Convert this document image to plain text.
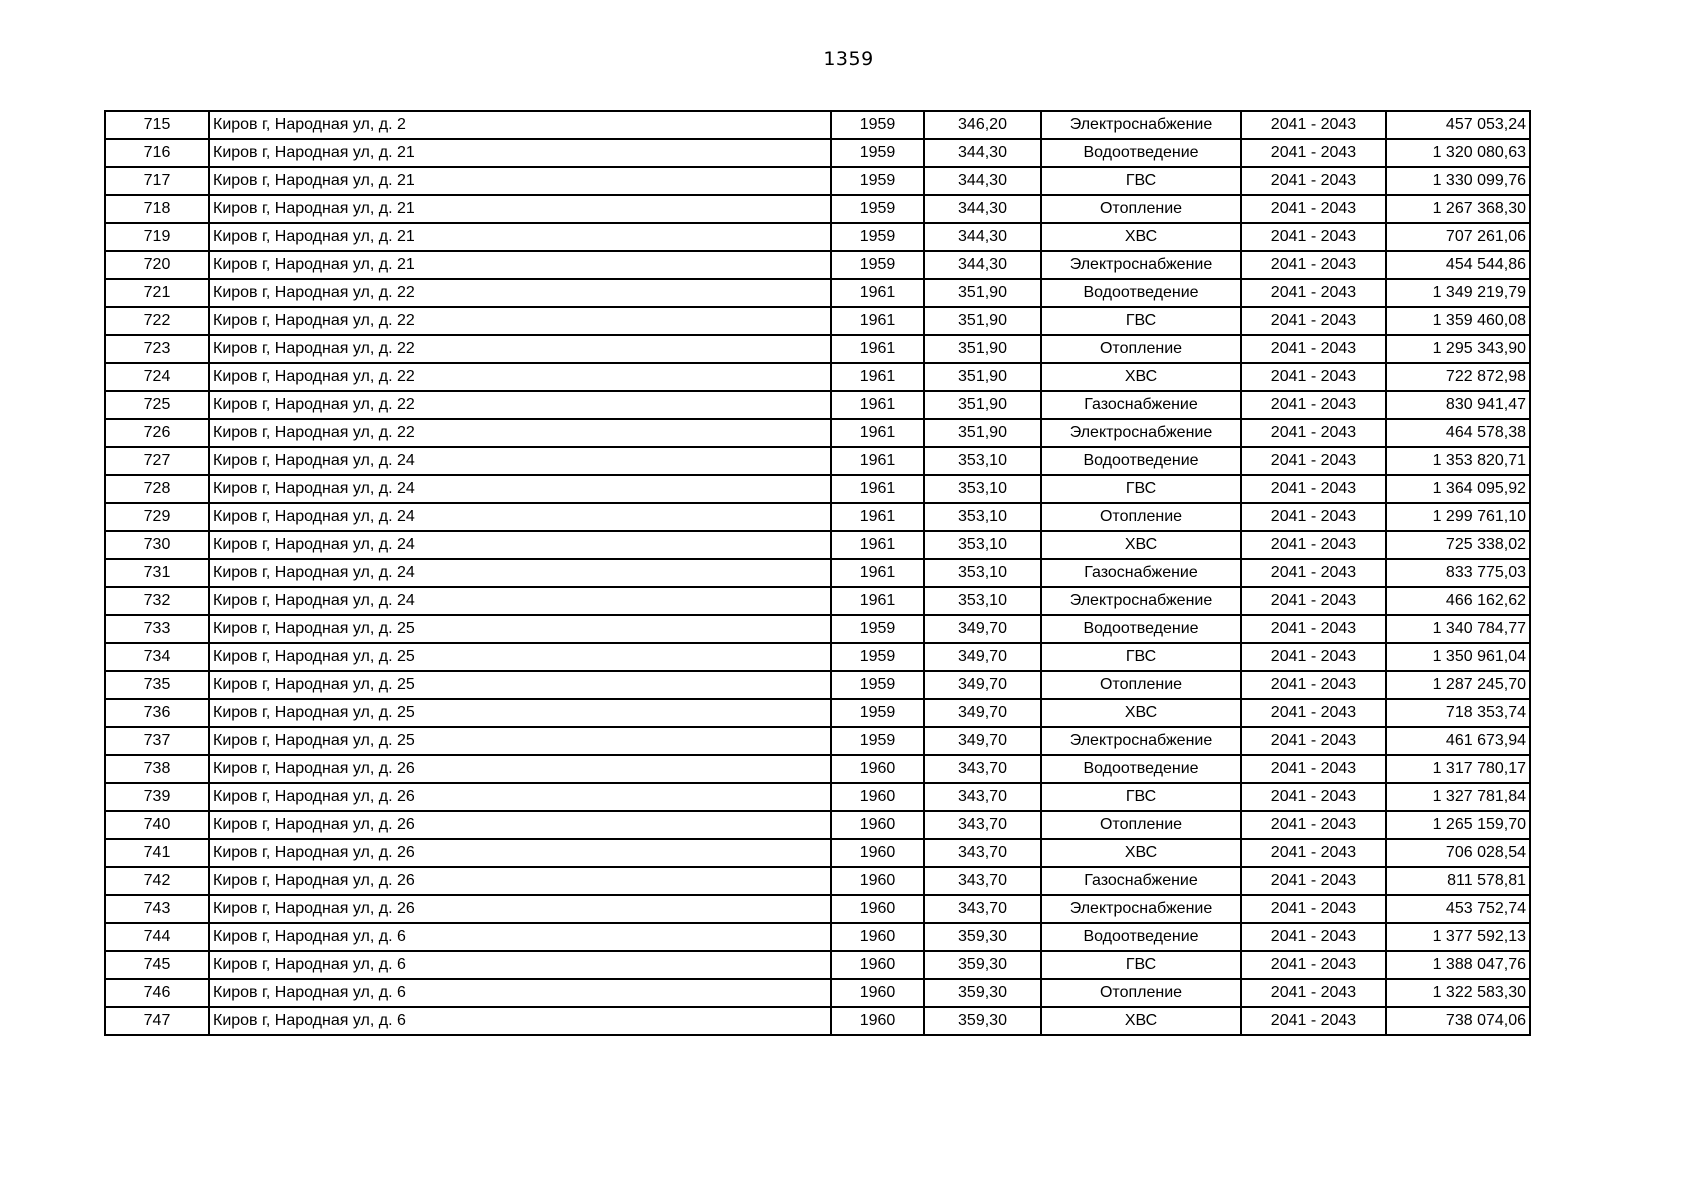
1359
715	Киров г, Народная ул, д. 2	1959	346,20	Электроснабжение	2041 - 2043	457 053,24
716	Киров г, Народная ул, д. 21	1959	344,30	Водоотведение	2041 - 2043	1 320 080,63
717	Киров г, Народная ул, д. 21	1959	344,30	ГВС	2041 - 2043	1 330 099,76
718	Киров г, Народная ул, д. 21	1959	344,30	Отопление	2041 - 2043	1 267 368,30
719	Киров г, Народная ул, д. 21	1959	344,30	ХВС	2041 - 2043	707 261,06
720	Киров г, Народная ул, д. 21	1959	344,30	Электроснабжение	2041 - 2043	454 544,86
721	Киров г, Народная ул, д. 22	1961	351,90	Водоотведение	2041 - 2043	1 349 219,79
722	Киров г, Народная ул, д. 22	1961	351,90	ГВС	2041 - 2043	1 359 460,08
723	Киров г, Народная ул, д. 22	1961	351,90	Отопление	2041 - 2043	1 295 343,90
724	Киров г, Народная ул, д. 22	1961	351,90	ХВС	2041 - 2043	722 872,98
725	Киров г, Народная ул, д. 22	1961	351,90	Газоснабжение	2041 - 2043	830 941,47
726	Киров г, Народная ул, д. 22	1961	351,90	Электроснабжение	2041 - 2043	464 578,38
727	Киров г, Народная ул, д. 24	1961	353,10	Водоотведение	2041 - 2043	1 353 820,71
728	Киров г, Народная ул, д. 24	1961	353,10	ГВС	2041 - 2043	1 364 095,92
729	Киров г, Народная ул, д. 24	1961	353,10	Отопление	2041 - 2043	1 299 761,10
730	Киров г, Народная ул, д. 24	1961	353,10	ХВС	2041 - 2043	725 338,02
731	Киров г, Народная ул, д. 24	1961	353,10	Газоснабжение	2041 - 2043	833 775,03
732	Киров г, Народная ул, д. 24	1961	353,10	Электроснабжение	2041 - 2043	466 162,62
733	Киров г, Народная ул, д. 25	1959	349,70	Водоотведение	2041 - 2043	1 340 784,77
734	Киров г, Народная ул, д. 25	1959	349,70	ГВС	2041 - 2043	1 350 961,04
735	Киров г, Народная ул, д. 25	1959	349,70	Отопление	2041 - 2043	1 287 245,70
736	Киров г, Народная ул, д. 25	1959	349,70	ХВС	2041 - 2043	718 353,74
737	Киров г, Народная ул, д. 25	1959	349,70	Электроснабжение	2041 - 2043	461 673,94
738	Киров г, Народная ул, д. 26	1960	343,70	Водоотведение	2041 - 2043	1 317 780,17
739	Киров г, Народная ул, д. 26	1960	343,70	ГВС	2041 - 2043	1 327 781,84
740	Киров г, Народная ул, д. 26	1960	343,70	Отопление	2041 - 2043	1 265 159,70
741	Киров г, Народная ул, д. 26	1960	343,70	ХВС	2041 - 2043	706 028,54
742	Киров г, Народная ул, д. 26	1960	343,70	Газоснабжение	2041 - 2043	811 578,81
743	Киров г, Народная ул, д. 26	1960	343,70	Электроснабжение	2041 - 2043	453 752,74
744	Киров г, Народная ул, д. 6	1960	359,30	Водоотведение	2041 - 2043	1 377 592,13
745	Киров г, Народная ул, д. 6	1960	359,30	ГВС	2041 - 2043	1 388 047,76
746	Киров г, Народная ул, д. 6	1960	359,30	Отопление	2041 - 2043	1 322 583,30
747	Киров г, Народная ул, д. 6	1960	359,30	ХВС	2041 - 2043	738 074,06
